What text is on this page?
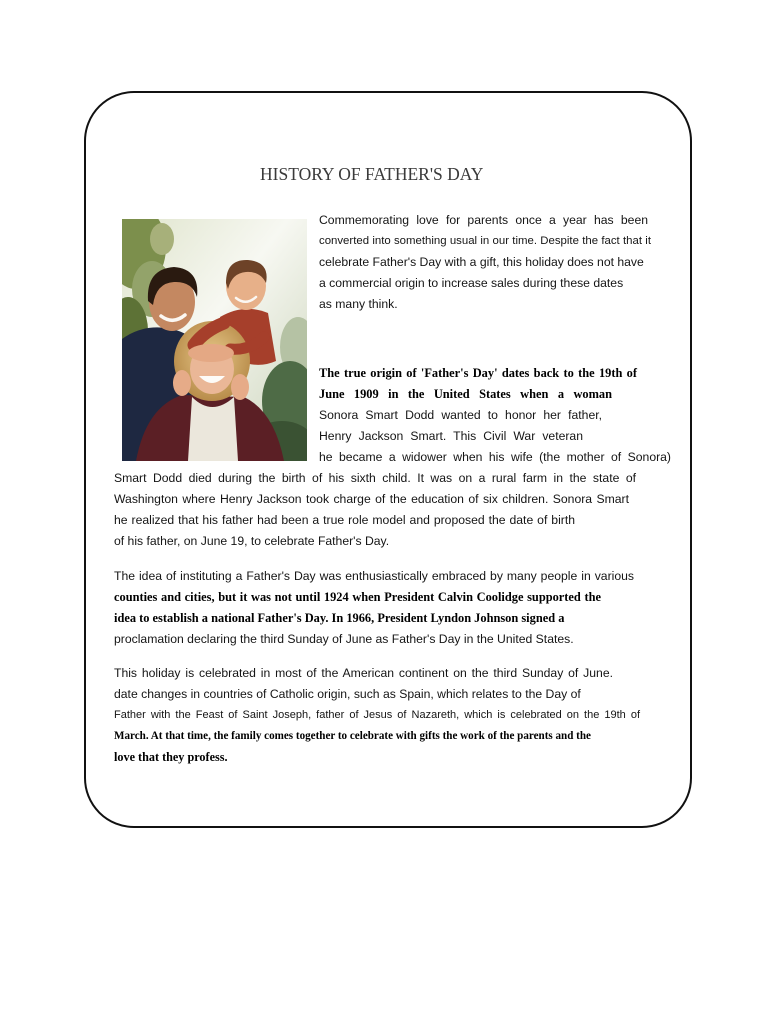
HISTORY OF FATHER'S DAY
Commemorating love for parents once a year has been
converted into something usual in our time. Despite the fact that it
celebrate Father's Day with a gift, this holiday does not have
a commercial origin to increase sales during these dates
as many think.
The true origin of 'Father's Day' dates back to the 19th of
June 1909 in the United States when a woman
Sonora Smart Dodd wanted to honor her father,
Henry Jackson Smart. This Civil War veteran
he became a widower when his wife (the mother of Sonora)
Smart Dodd died during the birth of his sixth child. It was on a rural farm in the state of
Washington where Henry Jackson took charge of the education of six children. Sonora Smart
he realized that his father had been a true role model and proposed the date of birth
of his father, on June 19, to celebrate Father's Day.
The idea of instituting a Father's Day was enthusiastically embraced by many people in various
counties and cities, but it was not until 1924 when President Calvin Coolidge supported the
idea to establish a national Father's Day. In 1966, President Lyndon Johnson signed a
proclamation declaring the third Sunday of June as Father's Day in the United States.
This holiday is celebrated in most of the American continent on the third Sunday of June.
date changes in countries of Catholic origin, such as Spain, which relates to the Day of
Father with the Feast of Saint Joseph, father of Jesus of Nazareth, which is celebrated on the 19th of
March. At that time, the family comes together to celebrate with gifts the work of the parents and the
love that they profess.
